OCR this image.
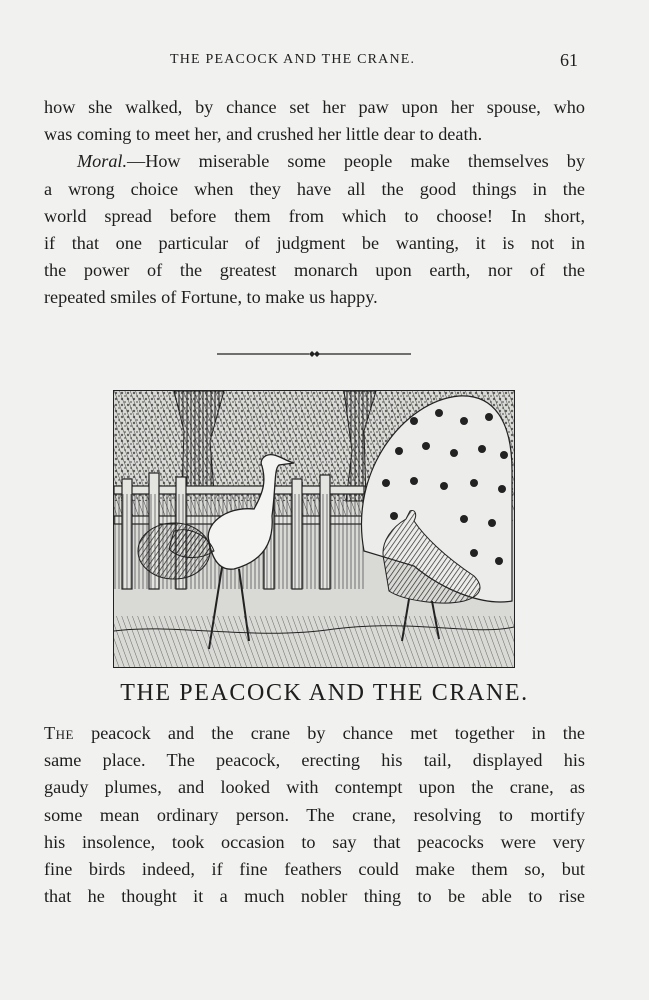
THE PEACOCK AND THE CRANE.	61
how she walked, by chance set her paw upon her spouse, who
was coming to meet her, and crushed her little dear to death.
Moral.—How miserable some people make themselves by
a wrong choice when they have all the good things in the
world spread before them from which to choose! In short,
if that one particular of judgment be wanting, it is not in
the power of the greatest monarch upon earth, nor of the
repeated smiles of Fortune, to make us happy.
THE PEACOCK AND THE CRANE.
The peacock and the crane by chance met together in the
same place. The peacock, erecting his tail, displayed his
gaudy plumes, and looked with contempt upon the crane, as
some mean ordinary person. The crane, resolving to mortify
his insolence, took occasion to say that peacocks were very
fine birds indeed, if fine feathers could make them so, but
that he thought it a much nobler thing to be able to rise
